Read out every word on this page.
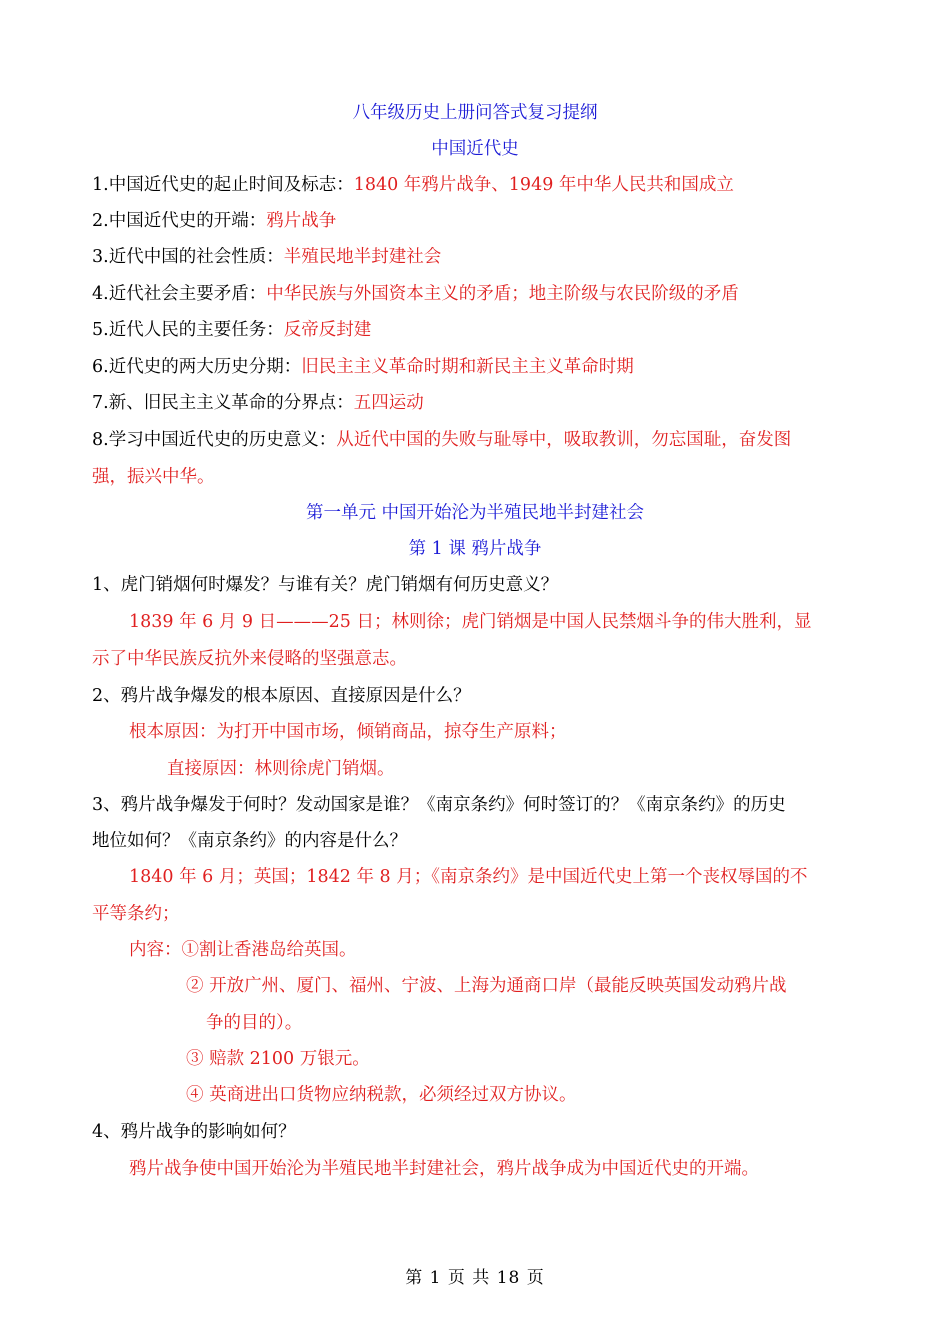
八年级历史上册问答式复习提纲
中国近代史
1.中国近代史的起止时间及标志：1840 年鸦片战争、1949 年中华人民共和国成立
2.中国近代史的开端：鸦片战争
3.近代中国的社会性质：半殖民地半封建社会
4.近代社会主要矛盾：中华民族与外国资本主义的矛盾；地主阶级与农民阶级的矛盾
5.近代人民的主要任务：反帝反封建
6.近代史的两大历史分期：旧民主主义革命时期和新民主主义革命时期
7.新、旧民主主义革命的分界点：五四运动
8.学习中国近代史的历史意义：从近代中国的失败与耻辱中，吸取教训，勿忘国耻，奋发图
强，振兴中华。
第一单元 中国开始沦为半殖民地半封建社会
第 1 课 鸦片战争
1、虎门销烟何时爆发？与谁有关？虎门销烟有何历史意义？
1839 年 6 月 9 日———25 日；林则徐；虎门销烟是中国人民禁烟斗争的伟大胜利，显
示了中华民族反抗外来侵略的坚强意志。
2、鸦片战争爆发的根本原因、直接原因是什么？
根本原因：为打开中国市场，倾销商品，掠夺生产原料；
直接原因：林则徐虎门销烟。
3、鸦片战争爆发于何时？发动国家是谁？《南京条约》何时签订的？《南京条约》的历史
地位如何？《南京条约》的内容是什么？
1840 年 6 月；英国；1842 年 8 月；《南京条约》是中国近代史上第一个丧权辱国的不
平等条约；
内容：①割让香港岛给英国。
② 开放广州、厦门、福州、宁波、上海为通商口岸（最能反映英国发动鸦片战
争的目的）。
③ 赔款 2100 万银元。
④ 英商进出口货物应纳税款，必须经过双方协议。
4、鸦片战争的影响如何？
鸦片战争使中国开始沦为半殖民地半封建社会，鸦片战争成为中国近代史的开端。
第 1 页 共 18 页
